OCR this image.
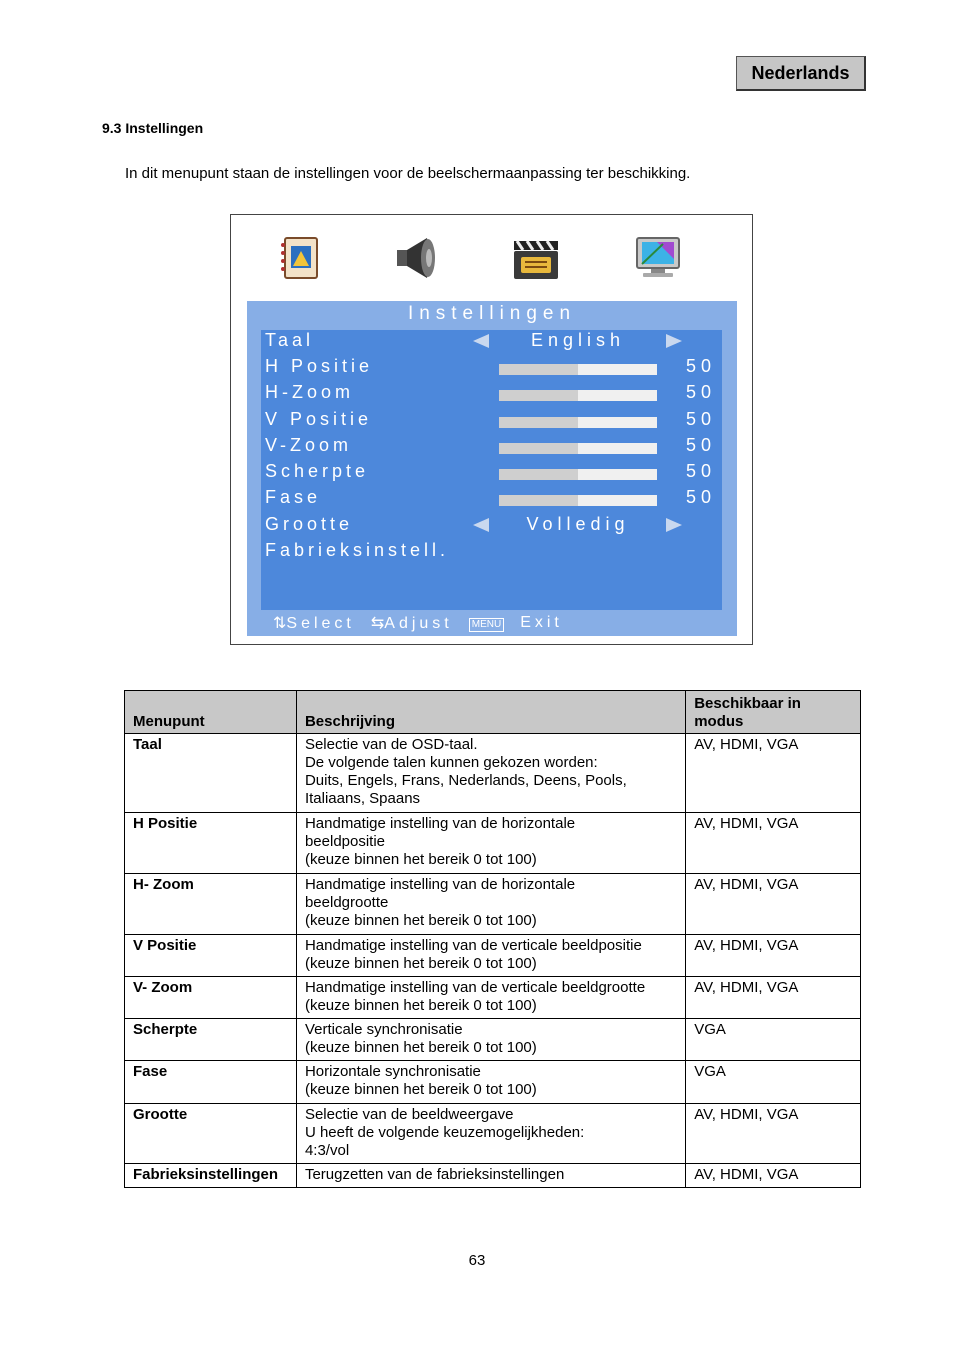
Nederlands
9.3 Instellingen
In dit menupunt staan de instellingen voor de beelschermaanpassing ter beschikking.
Instellingen
Taal	English
H Positie	50
H-Zoom	50
V Positie	50
V-Zoom	50
Scherpte	50
Fase	50
Grootte	Volledig
Fabrieksinstell.
⇅Select ⇆Adjust	MENU Exit
Menupunt	Beschrijving	Beschikbaar in modus
Taal	Selectie van de OSD-taal.
De volgende talen kunnen gekozen worden:
Duits, Engels, Frans, Nederlands, Deens, Pools,
Italiaans, Spaans	AV, HDMI, VGA
H Positie	Handmatige instelling van de horizontale
beeldpositie
(keuze binnen het bereik 0 tot 100)	AV, HDMI, VGA
H- Zoom	Handmatige instelling van de horizontale
beeldgrootte
(keuze binnen het bereik 0 tot 100)	AV, HDMI, VGA
V Positie	Handmatige instelling van de verticale beeldpositie
(keuze binnen het bereik 0 tot 100)	AV, HDMI, VGA
V- Zoom	Handmatige instelling van de verticale beeldgrootte
(keuze binnen het bereik 0 tot 100)	AV, HDMI, VGA
Scherpte	Verticale synchronisatie
(keuze binnen het bereik 0 tot 100)	VGA
Fase	Horizontale synchronisatie
(keuze binnen het bereik 0 tot 100)	VGA
Grootte	Selectie van de beeldweergave
U heeft de volgende keuzemogelijkheden:
4:3/vol	AV, HDMI, VGA
Fabrieksinstellingen	Terugzetten van de fabrieksinstellingen	AV, HDMI, VGA
63
